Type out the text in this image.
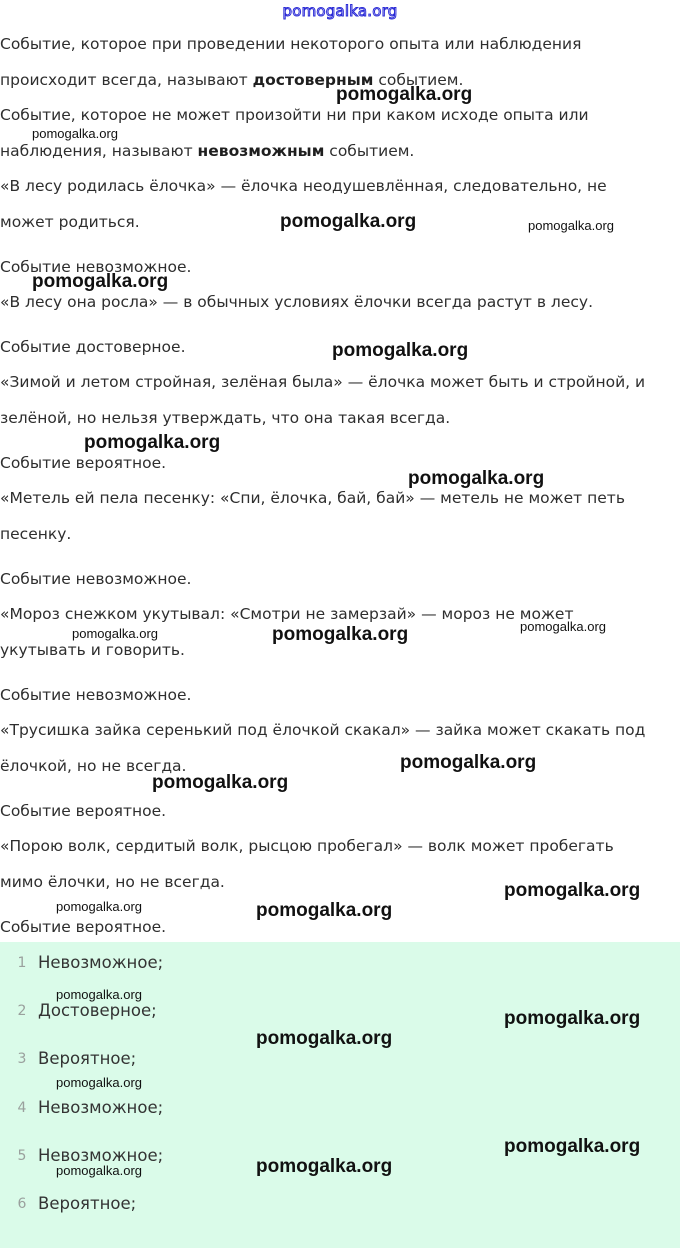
pomogalka.org
Событие, которое при проведении некоторого опыта или наблюдения
происходит всегда, называют достоверным событием.
Событие, которое не может произойти ни при каком исходе опыта или
наблюдения, называют невозможным событием.
«В лесу родилась ёлочка» — ёлочка неодушевлённая, следовательно, не
может родиться.
Событие невозможное.
«В лесу она росла» — в обычных условиях ёлочки всегда растут в лесу.
Событие достоверное.
«Зимой и летом стройная, зелёная была» — ёлочка может быть и стройной, и
зелёной, но нельзя утверждать, что она такая всегда.
Событие вероятное.
«Метель ей пела песенку: «Спи, ёлочка, бай, бай» — метель не может петь
песенку.
Событие невозможное.
«Мороз снежком укутывал: «Смотри не замерзай» — мороз не может
укутывать и говорить.
Событие невозможное.
«Трусишка зайка серенький под ёлочкой скакал» — зайка может скакать под
ёлочкой, но не всегда.
Событие вероятное.
«Порою волк, сердитый волк, рысцою пробегал» — волк может пробегать
мимо ёлочки, но не всегда.
Событие вероятное.
1 Невозможное;
2 Достоверное;
3 Вероятное;
4 Невозможное;
5 Невозможное;
6 Вероятное;
pomogalka.org
pomogalka.org
pomogalka.org	pomogalka.org
pomogalka.org
pomogalka.org
pomogalka.org
pomogalka.org
pomogalka.org	pomogalka.org	pomogalka.org
pomogalka.org
pomogalka.org
pomogalka.org
pomogalka.org	pomogalka.org
pomogalka.org
pomogalka.org
pomogalka.org
pomogalka.org
pomogalka.org
pomogalka.org	pomogalka.org
